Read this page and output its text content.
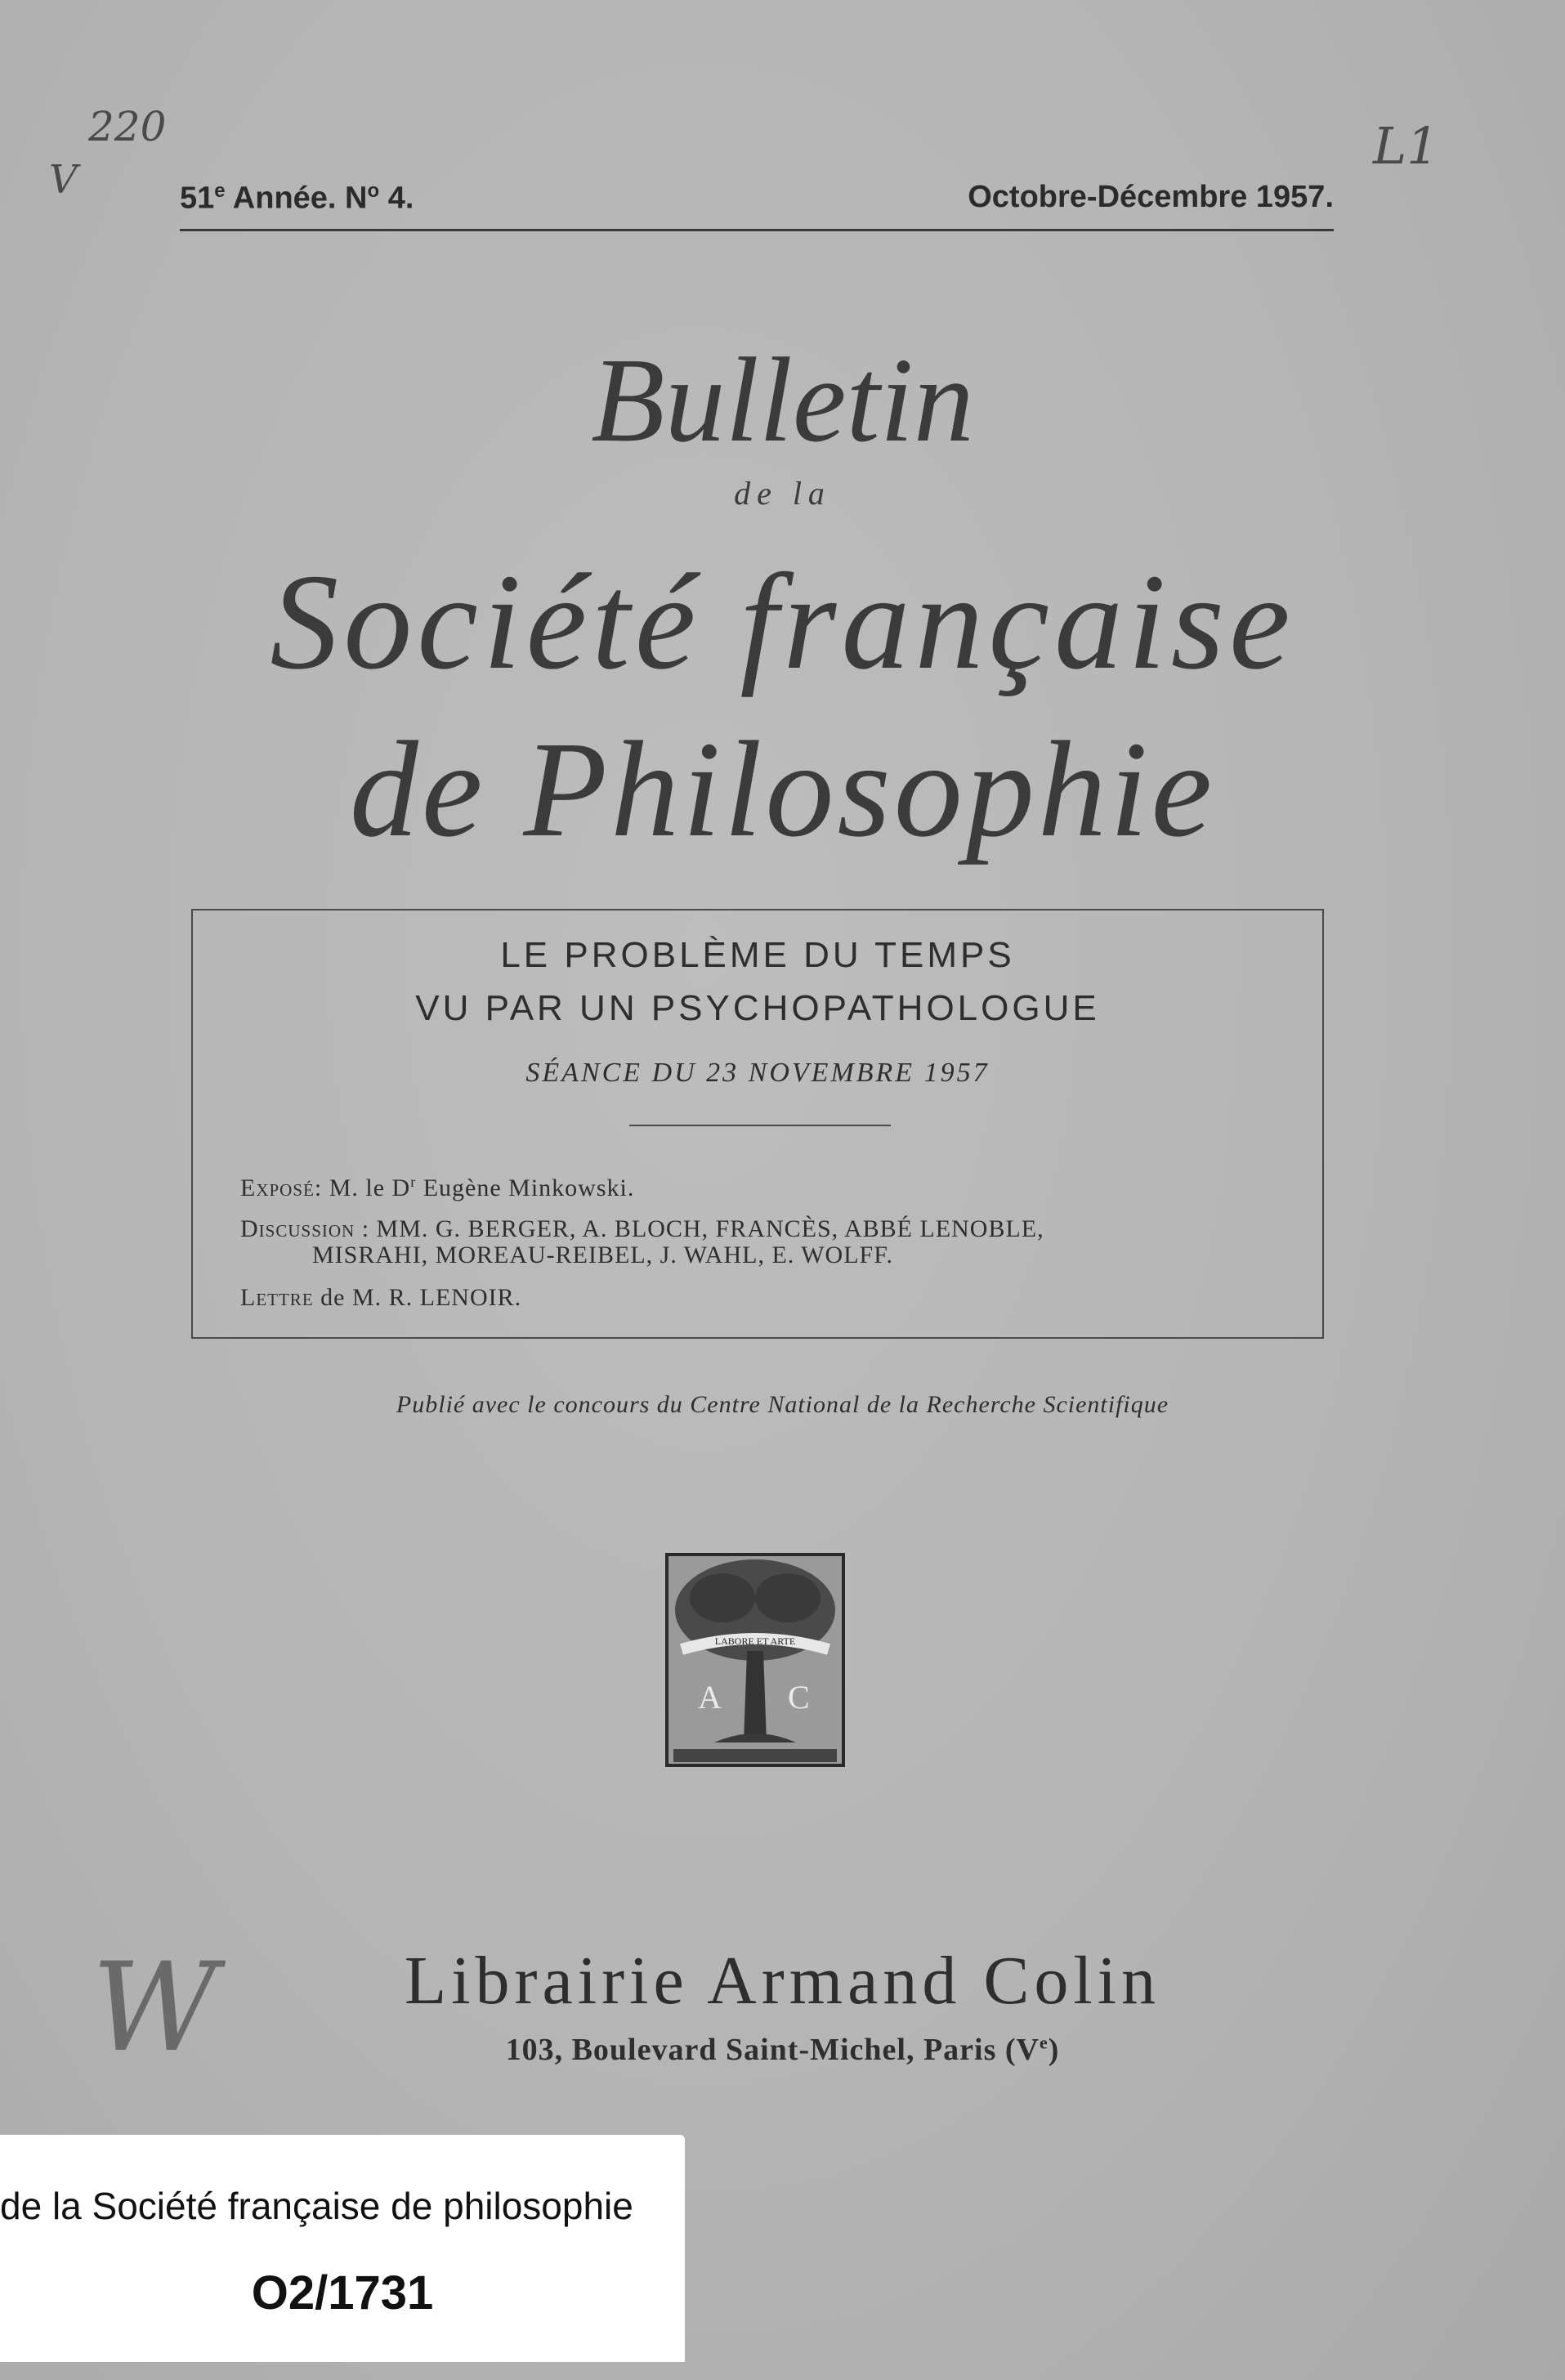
220
V
L1
W
51e Année. $N^o$ 4.	Octobre-Décembre 1957.
Bulletin
de la
Société française
de Philosophie
LE PROBLÈME DU TEMPS
VU PAR UN PSYCHOPATHOLOGUE
SÉANCE DU 23 NOVEMBRE 1957
Exposé: M. le $D^r$ Eugène Minkowski.
Discussion : MM. G. BERGER, A. BLOCH, FRANCÈS, ABBÉ LENOBLE,
MISRAHI, MOREAU-REIBEL, J. WAHL, E. WOLFF.
Lettre de M. R. LENOIR.
Publié avec le concours du Centre National de la Recherche Scientifique
LABORE ET ARTE
A C
Librairie Armand Colin
103, Boulevard Saint-Michel, Paris (Ve)
de la Société française de philosophie
O2/1731
